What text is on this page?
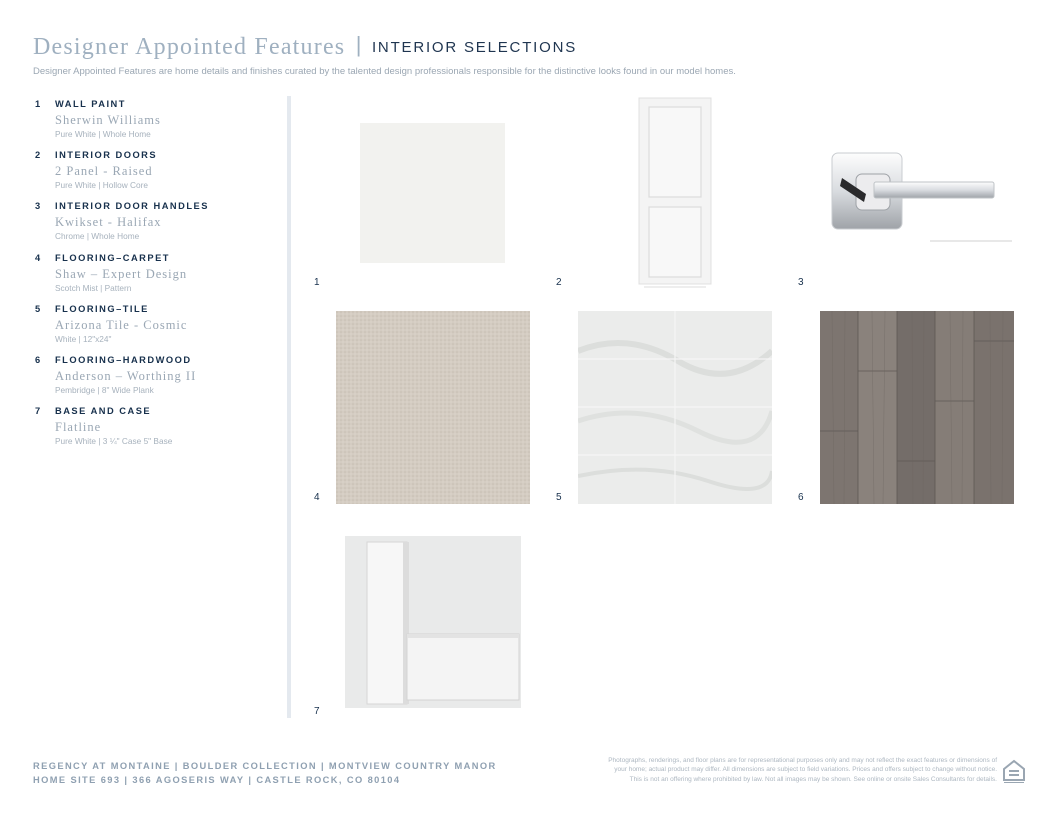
Designer Appointed Features | INTERIOR SELECTIONS
Designer Appointed Features are home details and finishes curated by the talented design professionals responsible for the distinctive looks found in our model homes.
1	WALL PAINT
Sherwin Williams
Pure White | Whole Home
2	INTERIOR DOORS
2 Panel - Raised
Pure White | Hollow Core
3	INTERIOR DOOR HANDLES
Kwikset - Halifax
Chrome | Whole Home
4	FLOORING–CARPET
Shaw – Expert Design
Scotch Mist | Pattern
5	FLOORING–TILE
Arizona Tile - Cosmic
White | 12"x24"
6	FLOORING–HARDWOOD
Anderson – Worthing II
Pembridge | 8" Wide Plank
7	BASE AND CASE
Flatline
Pure White | 3 ¼" Case 5" Base
1	2	3
4	5	6
7
REGENCY AT MONTAINE | BOULDER COLLECTION | MONTVIEW COUNTRY MANOR
HOME SITE 693 | 366 AGOSERIS WAY | CASTLE ROCK, CO 80104
Photographs, renderings, and floor plans are for representational purposes only and may not reflect the exact features or dimensions of
your home; actual product may differ. All dimensions are subject to field variations. Prices and offers subject to change without notice.
This is not an offering where prohibited by law. Not all images may be shown. See online or onsite Sales Consultants for details.
